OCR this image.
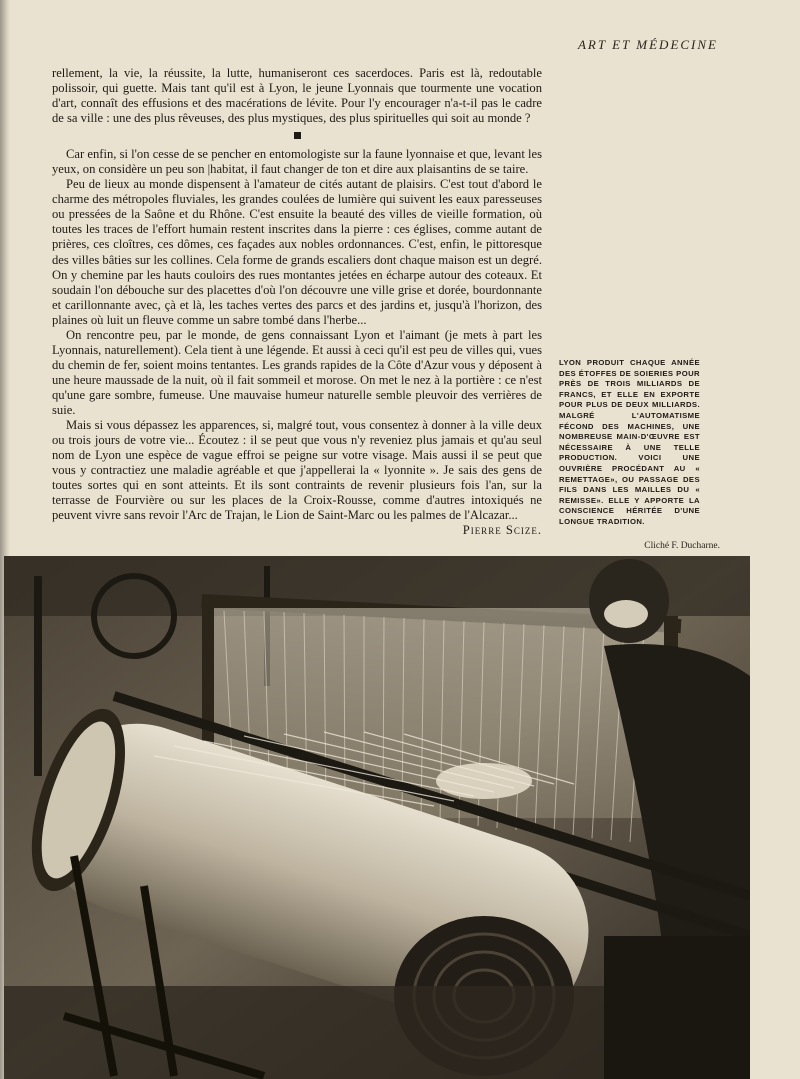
ART ET MÉDECINE

rellement, la vie, la réussite, la lutte, humaniseront ces sacerdoces. Paris est là, redoutable polissoir, qui guette. Mais tant qu'il est à Lyon, le jeune Lyonnais que tourmente une vocation d'art, connaît des effusions et des macérations de lévite. Pour l'y encourager n'a-t-il pas le cadre de sa ville : une des plus rêveuses, des plus mystiques, des plus spirituelles qui soit au monde ?

Car enfin, si l'on cesse de se pencher en entomologiste sur la faune lyonnaise et que, levant les yeux, on considère un peu son |habitat, il faut changer de ton et dire aux plaisantins de se taire.

Peu de lieux au monde dispensent à l'amateur de cités autant de plaisirs. C'est tout d'abord le charme des métropoles fluviales, les grandes coulées de lumière qui suivent les eaux paresseuses ou pressées de la Saône et du Rhône. C'est ensuite la beauté des villes de vieille formation, où toutes les traces de l'effort humain restent inscrites dans la pierre : ces églises, comme autant de prières, ces cloîtres, ces dômes, ces façades aux nobles ordonnances. C'est, enfin, le pittoresque des villes bâties sur les collines. Cela forme de grands escaliers dont chaque maison est un degré. On y chemine par les hauts couloirs des rues montantes jetées en écharpe autour des coteaux. Et soudain l'on débouche sur des placettes d'où l'on découvre une ville grise et dorée, bourdonnante et carillonnante avec, çà et là, les taches vertes des parcs et des jardins et, jusqu'à l'horizon, des plaines où luit un fleuve comme un sabre tombé dans l'herbe...

On rencontre peu, par le monde, de gens connaissant Lyon et l'aimant (je mets à part les Lyonnais, naturellement). Cela tient à une légende. Et aussi à ceci qu'il est peu de villes qui, vues du chemin de fer, soient moins tentantes. Les grands rapides de la Côte d'Azur vous y déposent à une heure maussade de la nuit, où il fait sommeil et morose. On met le nez à la portière : ce n'est qu'une gare sombre, fumeuse. Une mauvaise humeur naturelle semble pleuvoir des verrières de suie.

Mais si vous dépassez les apparences, si, malgré tout, vous consentez à donner à la ville deux ou trois jours de votre vie... Écoutez : il se peut que vous n'y reveniez plus jamais et qu'au seul nom de Lyon une espèce de vague effroi se peigne sur votre visage. Mais aussi il se peut que vous y contractiez une maladie agréable et que j'appellerai la « lyonnite ». Je sais des gens de toutes sortes qui en sont atteints. Et ils sont contraints de revenir plusieurs fois l'an, sur la terrasse de Fourvière ou sur les places de la Croix-Rousse, comme d'autres intoxiqués ne peuvent vivre sans revoir l'Arc de Trajan, le Lion de Saint-Marc ou les palmes de l'Alcazar...

Pierre Scize.

LYON PRODUIT CHAQUE ANNÉE DES ÉTOFFES DE SOIERIES POUR PRÈS DE TROIS MILLIARDS DE FRANCS, ET ELLE EN EXPORTE POUR PLUS DE DEUX MILLIARDS. MALGRÉ L'AUTOMATISME FÉCOND DES MACHINES, UNE NOMBREUSE MAIN-D'ŒUVRE EST NÉCESSAIRE À UNE TELLE PRODUCTION. VOICI UNE OUVRIÈRE PROCÉDANT AU « REMETTAGE», OU PASSAGE DES FILS DANS LES MAILLES DU « REMISSE». ELLE Y APPORTE LA CONSCIENCE HÉRITÉE D'UNE LONGUE TRADITION.
Cliché F. Ducharne.
